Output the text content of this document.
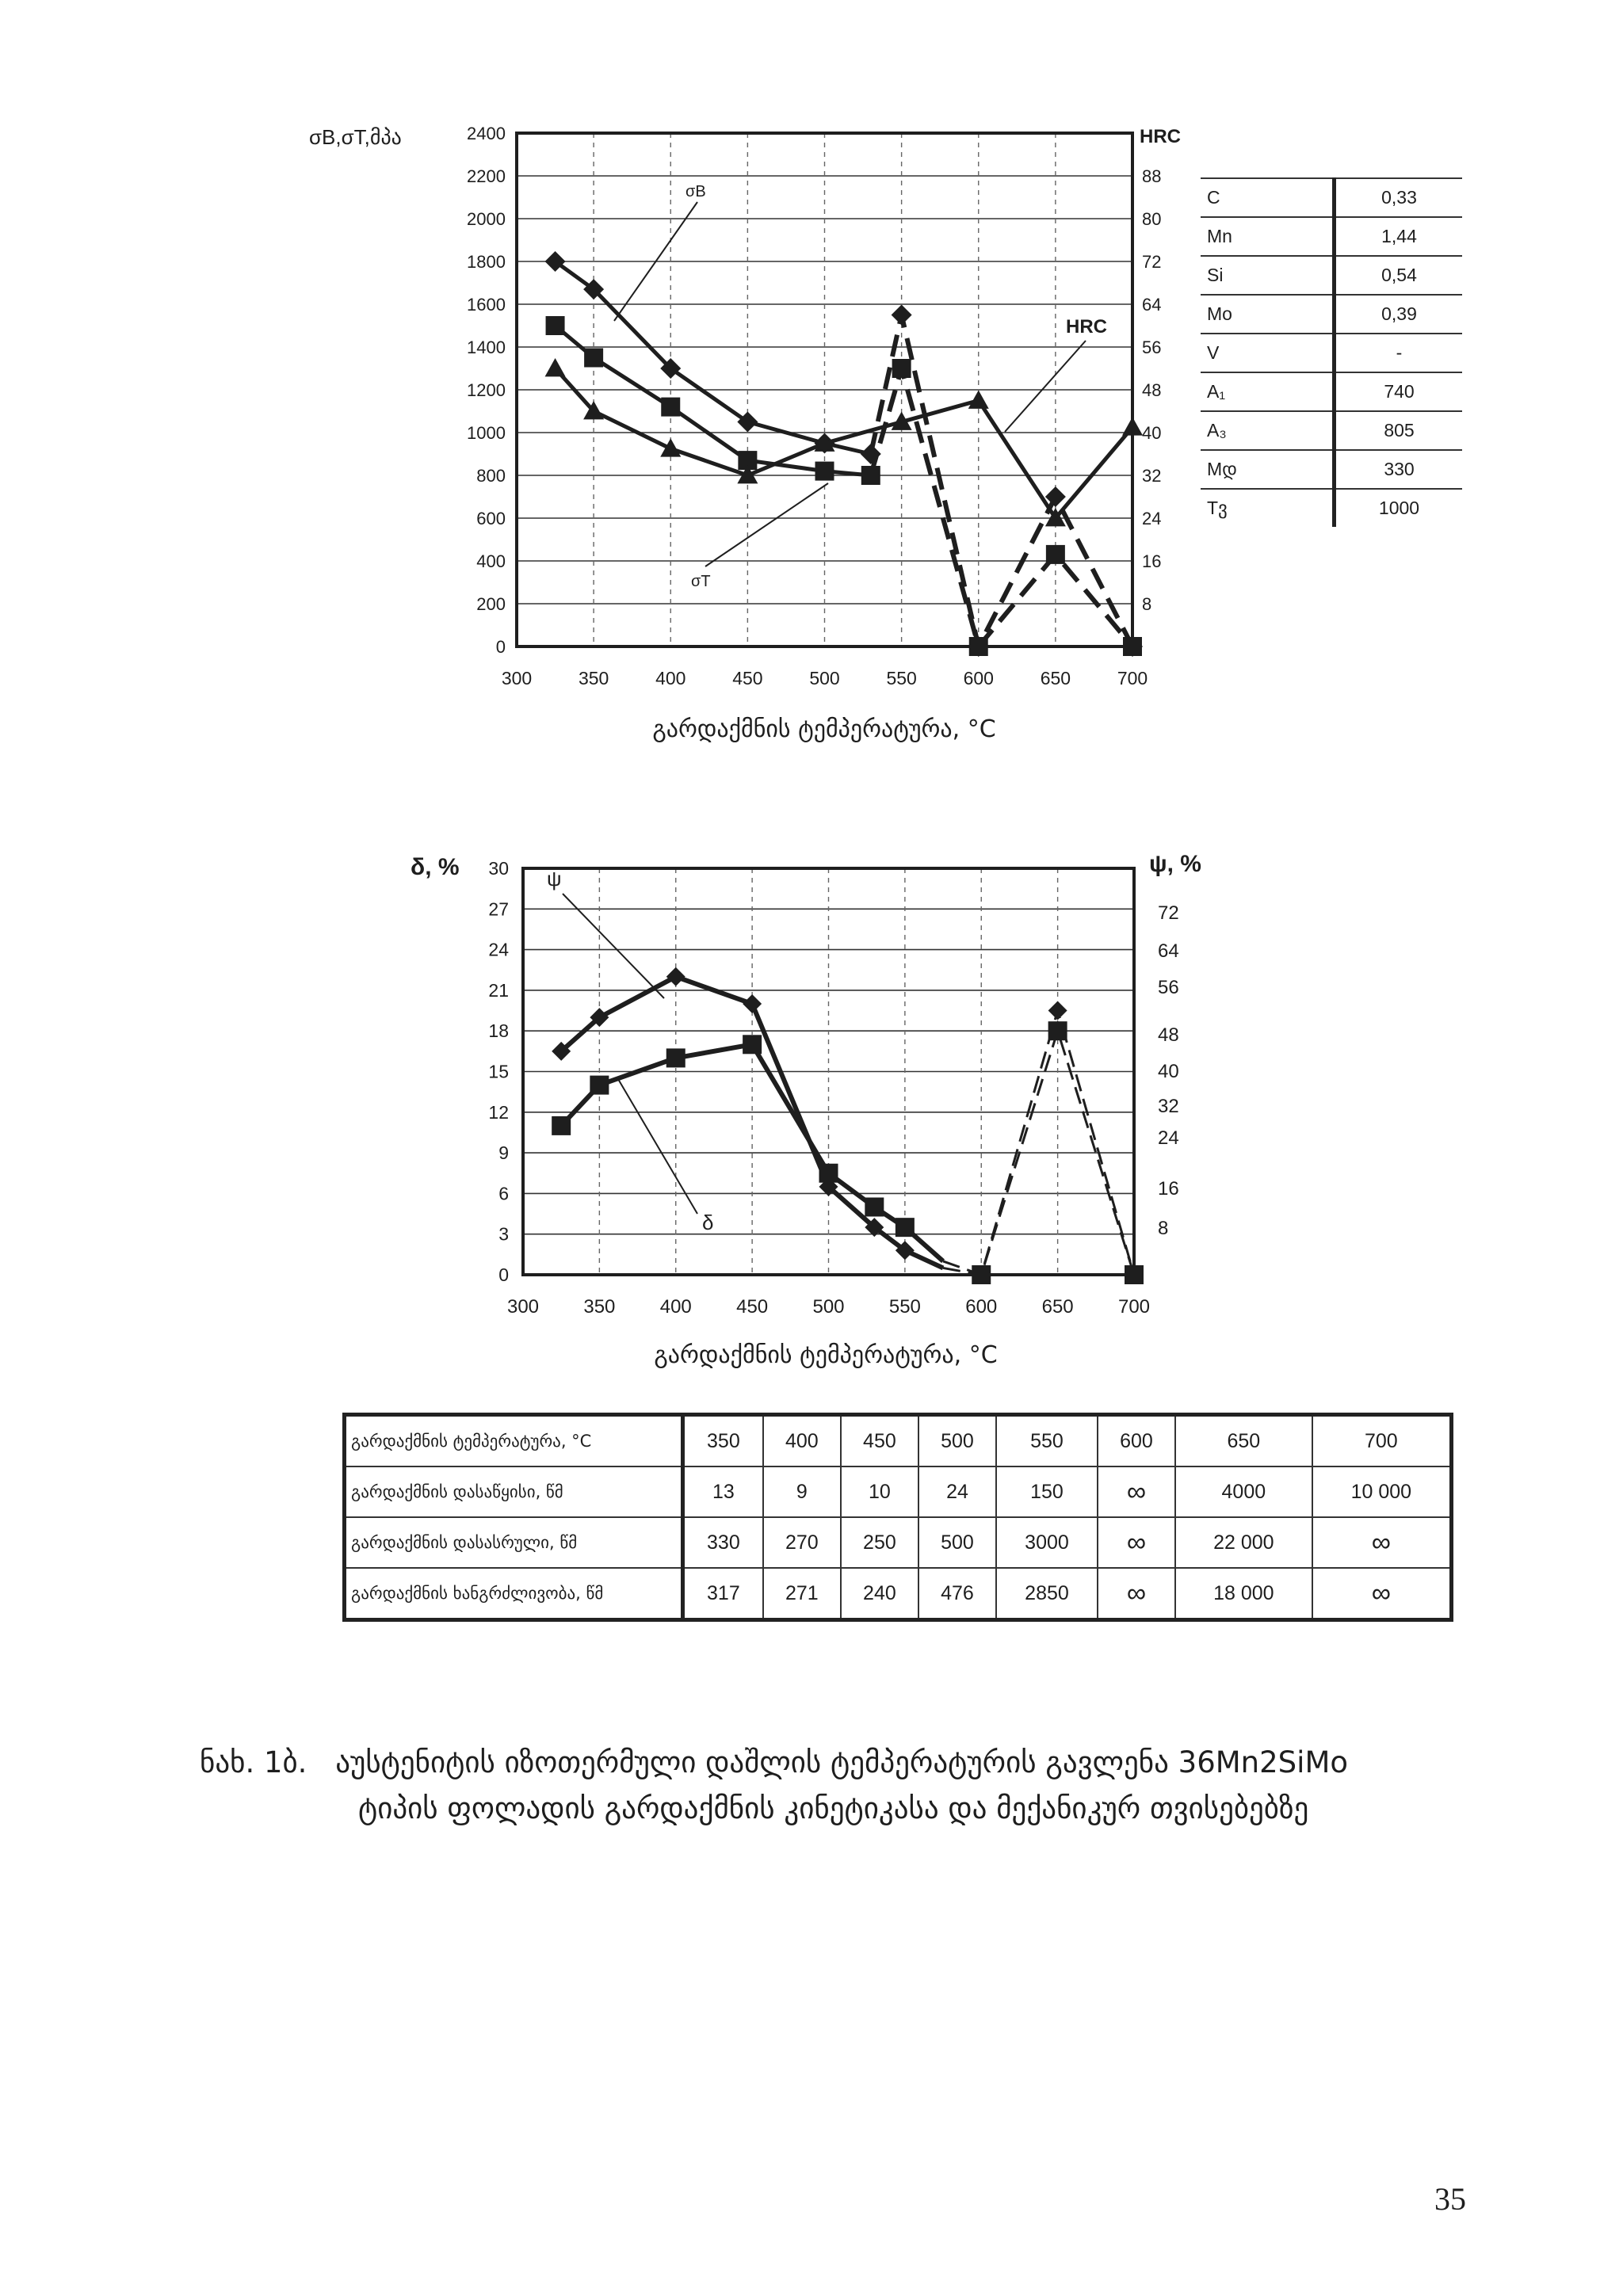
0
200
400
600
800
1000
1200
1400
1600
1800
2000
2200
2400
300	350	400	450	500	550	600	650	700
8
16
24
32
40
48
56
64
72
80
88
σB,σT,მპა	HRC
გარდაქმნის ტემპერატურა, °C
σB
σT
HRC
C	0,33
Mn	1,44
Si	0,54
Mo	0,39
V	-
A₁	740
A₃	805
Mდ	330
Tვ	1000
0
3
6
9
12
15
18
21
24
27
30
300 350 400 450 500 550 600 650 700
8
16
24
32
40
48
56
64
72
δ, %	ψ, %
გარდაქმნის ტემპერატურა, °C
ψ
δ
გარდაქმნის ტემპერატურა, °C	350	400	450	500	550	600	650	700
გარდაქმნის დასაწყისი, წმ	13	9	10	24	150	∞	4000	10 000
გარდაქმნის დასასრული, წმ	330	270	250	500	3000	∞	22 000	∞
გარდაქმნის ხანგრძლივობა, წმ	317	271	240	476	2850	∞	18 000	∞
ნახ. 1ბ. აუსტენიტის იზოთერმული დაშლის ტემპერატურის გავლენა 36Mn2SiMo
ტიპის ფოლადის გარდაქმნის კინეტიკასა და მექანიკურ თვისებებზე
35
